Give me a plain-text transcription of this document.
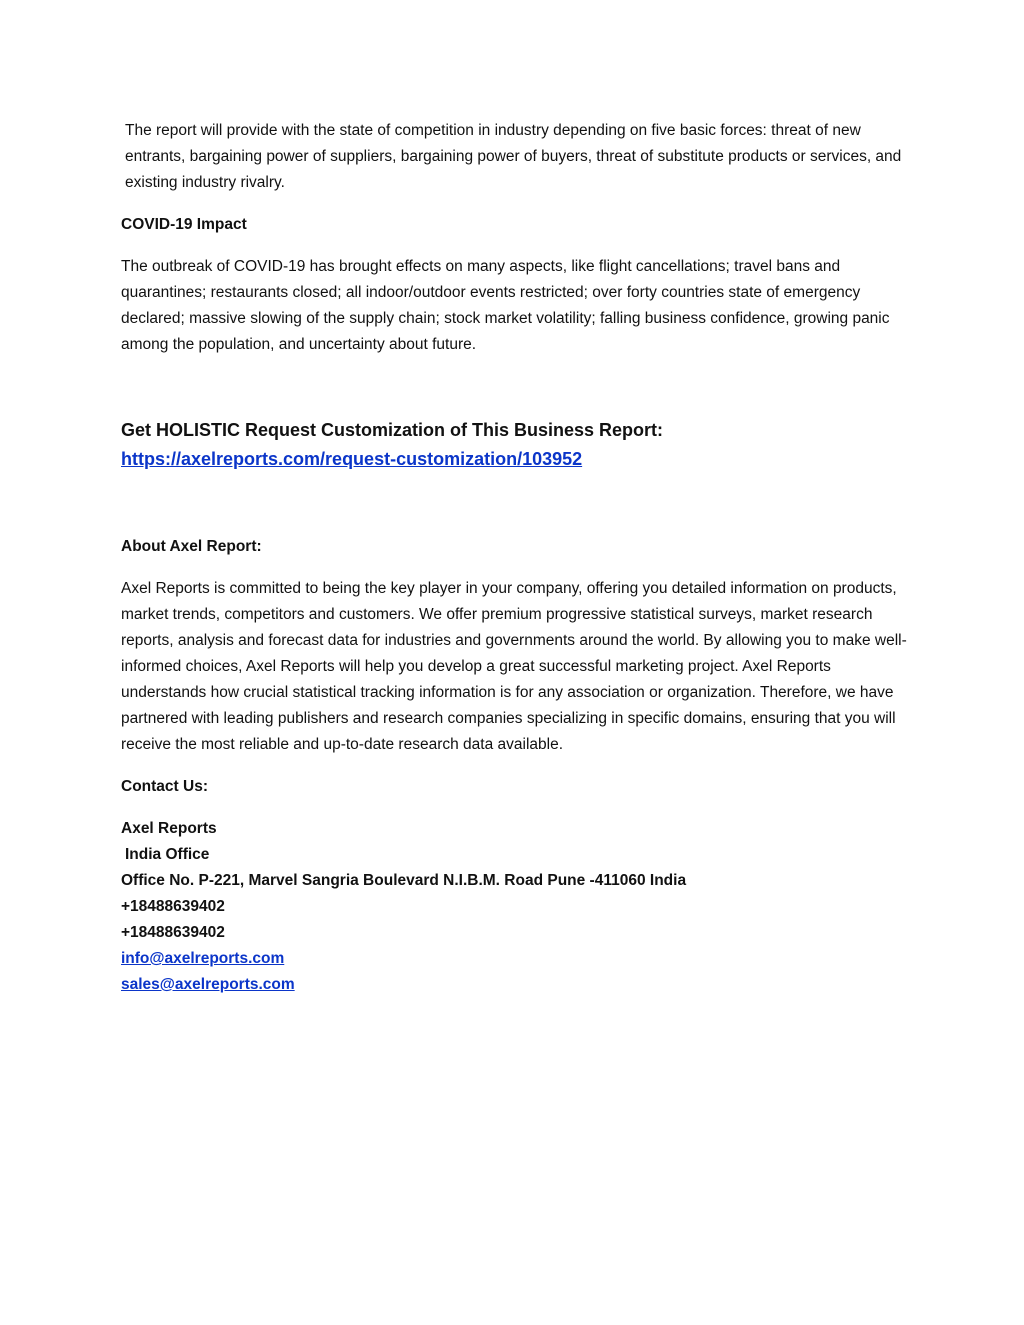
The report will provide with the state of competition in industry depending on five basic forces: threat of new entrants, bargaining power of suppliers, bargaining power of buyers, threat of substitute products or services, and existing industry rivalry.

COVID-19 Impact

The outbreak of COVID-19 has brought effects on many aspects, like flight cancellations; travel bans and quarantines; restaurants closed; all indoor/outdoor events restricted; over forty countries state of emergency declared; massive slowing of the supply chain; stock market volatility; falling business confidence, growing panic among the population, and uncertainty about future.

Get HOLISTIC Request Customization of This Business Report:

https://axelreports.com/request-customization/103952

About Axel Report:

Axel Reports is committed to being the key player in your company, offering you detailed information on products, market trends, competitors and customers. We offer premium progressive statistical surveys, market research reports, analysis and forecast data for industries and governments around the world. By allowing you to make well-informed choices, Axel Reports will help you develop a great successful marketing project. Axel Reports understands how crucial statistical tracking information is for any association or organization. Therefore, we have partnered with leading publishers and research companies specializing in specific domains, ensuring that you will receive the most reliable and up-to-date research data available.

Contact Us:

Axel Reports
India Office
Office No. P-221, Marvel Sangria Boulevard N.I.B.M. Road Pune -411060 India
+18488639402
+18488639402
info@axelreports.com
sales@axelreports.com
